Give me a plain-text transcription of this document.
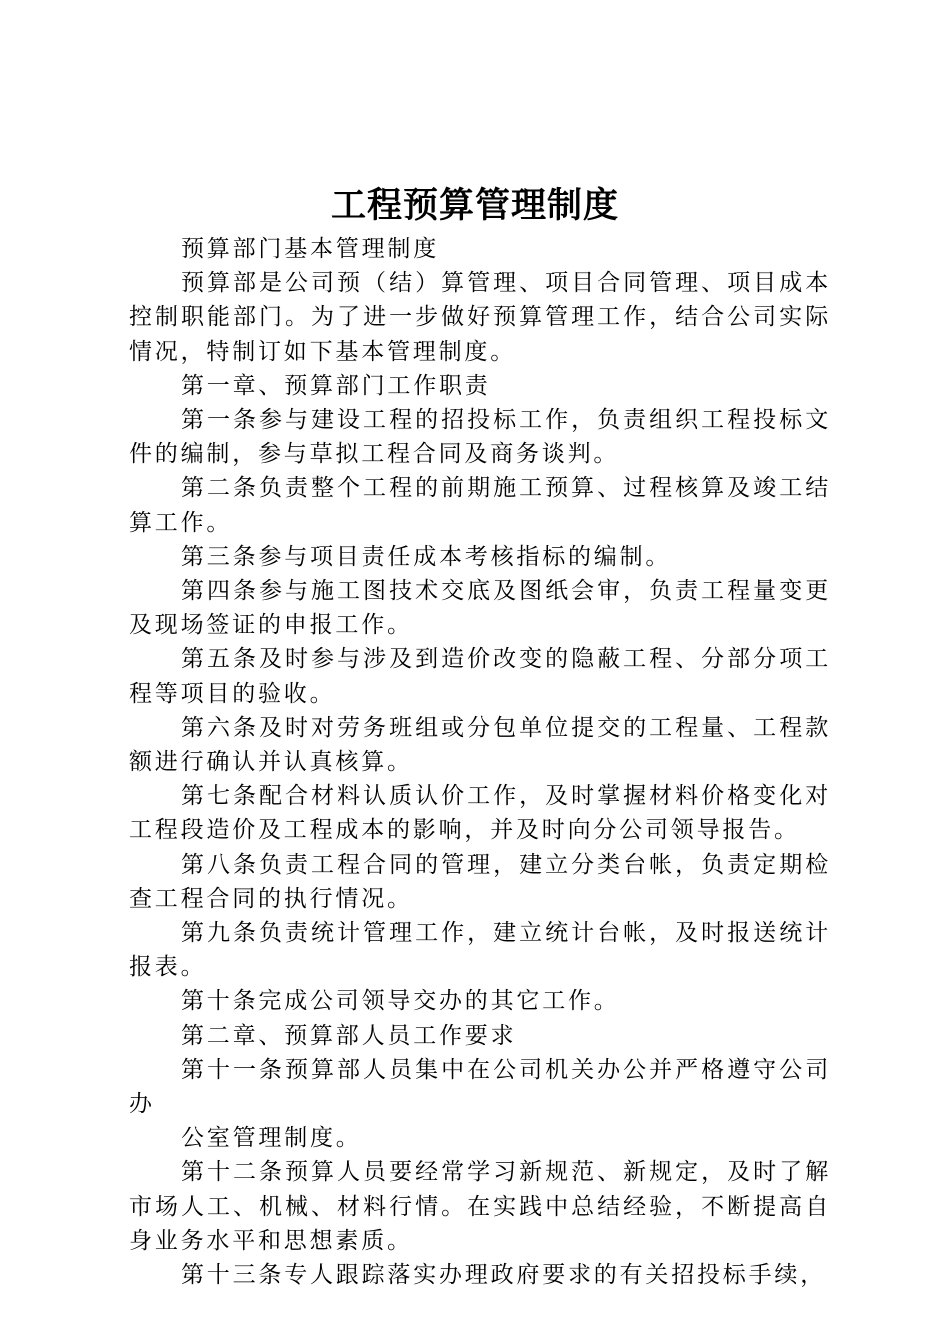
工程预算管理制度

预算部门基本管理制度

预算部是公司预（结）算管理、项目合同管理、项目成本控制职能部门。为了进一步做好预算管理工作，结合公司实际情况，特制订如下基本管理制度。

第一章、预算部门工作职责

第一条参与建设工程的招投标工作，负责组织工程投标文件的编制，参与草拟工程合同及商务谈判。

第二条负责整个工程的前期施工预算、过程核算及竣工结算工作。

第三条参与项目责任成本考核指标的编制。

第四条参与施工图技术交底及图纸会审，负责工程量变更及现场签证的申报工作。

第五条及时参与涉及到造价改变的隐蔽工程、分部分项工程等项目的验收。

第六条及时对劳务班组或分包单位提交的工程量、工程款额进行确认并认真核算。

第七条配合材料认质认价工作，及时掌握材料价格变化对工程段造价及工程成本的影响，并及时向分公司领导报告。

第八条负责工程合同的管理，建立分类台帐，负责定期检查工程合同的执行情况。

第九条负责统计管理工作，建立统计台帐，及时报送统计报表。

第十条完成公司领导交办的其它工作。

第二章、预算部人员工作要求

第十一条预算部人员集中在公司机关办公并严格遵守公司办

公室管理制度。

第十二条预算人员要经常学习新规范、新规定，及时了解市场人工、机械、材料行情。在实践中总结经验，不断提高自身业务水平和思想素质。

第十三条专人跟踪落实办理政府要求的有关招投标手续，
